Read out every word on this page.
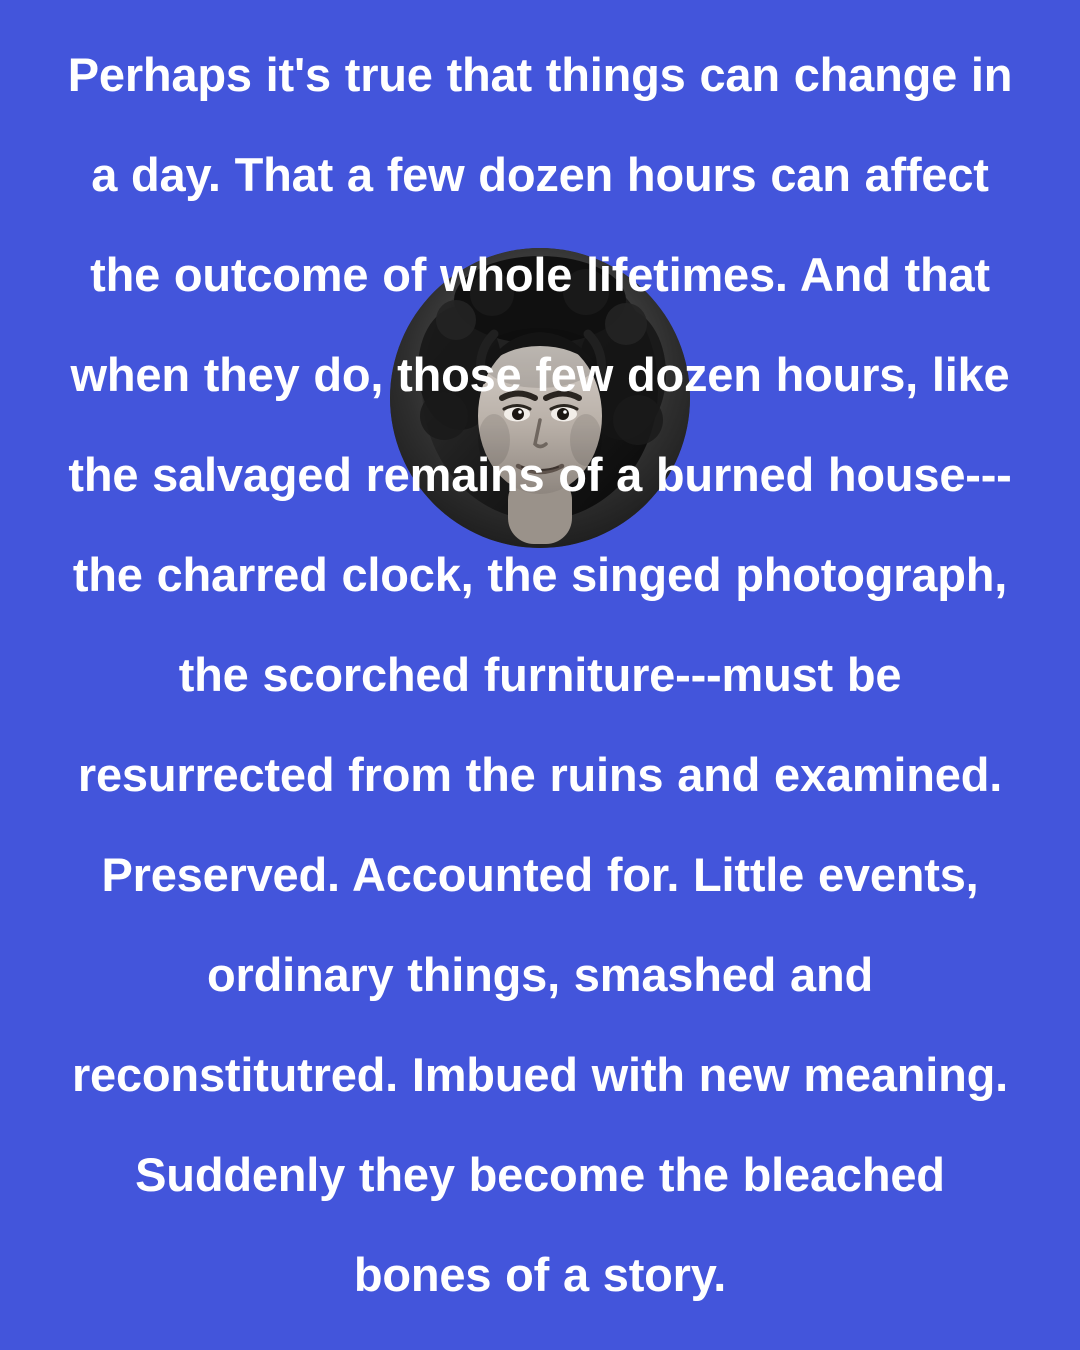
Perhaps it's true that things can change in a day. That a few dozen hours can affect the outcome of whole lifetimes. And that when they do, those few dozen hours, like the salvaged remains of a burned house---the charred clock, the singed photograph, the scorched furniture---must be resurrected from the ruins and examined. Preserved. Accounted for. Little events, ordinary things, smashed and reconstitutred. Imbued with new meaning. Suddenly they become the bleached bones of a story.
